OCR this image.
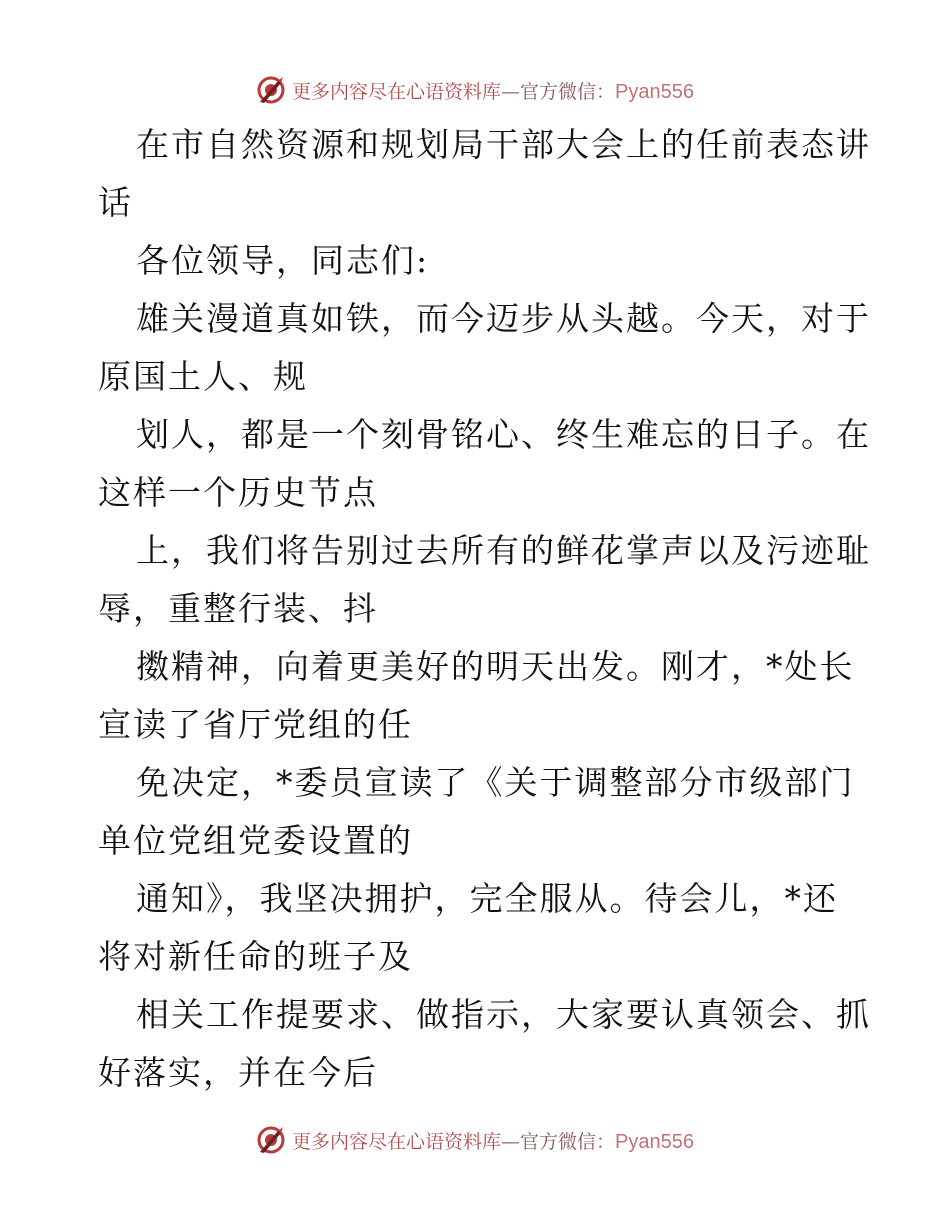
更多内容尽在心语资料库—官方微信：Pyan556

在市自然资源和规划局干部大会上的任前表态讲
话

各位领导，同志们:

雄关漫道真如铁，而今迈步从头越。今天，对于
原国土人、规

划人，都是一个刻骨铭心、终生难忘的日子。在
这样一个历史节点

上，我们将告别过去所有的鲜花掌声以及污迹耻
辱，重整行装、抖

擞精神，向着更美好的明天出发。刚才，*处长
宣读了省厅党组的任

免决定，*委员宣读了《关于调整部分市级部门
单位党组党委设置的

通知》，我坚决拥护，完全服从。待会儿，*还
将对新任命的班子及

相关工作提要求、做指示，大家要认真领会、抓
好落实，并在今后

更多内容尽在心语资料库—官方微信：Pyan556
